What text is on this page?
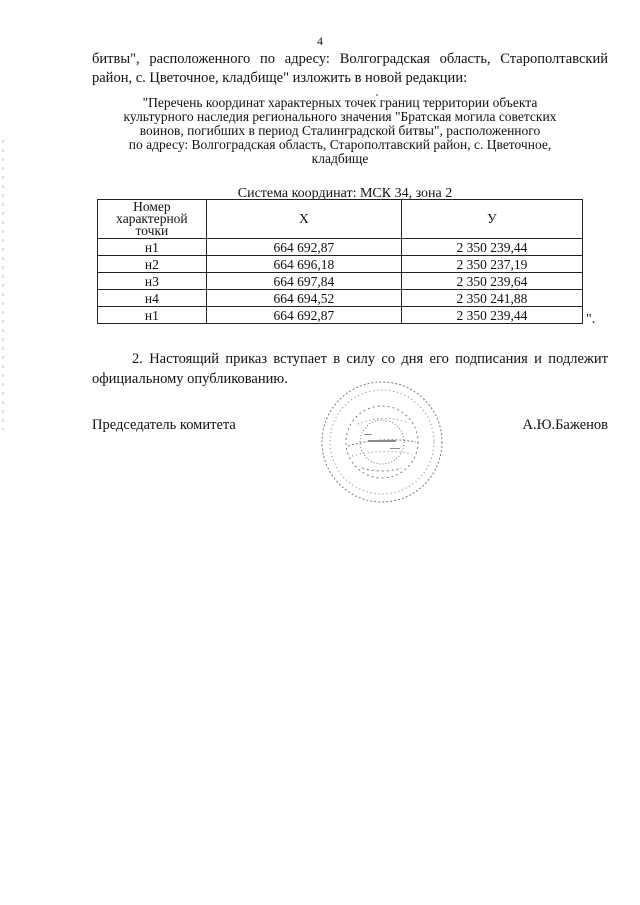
4
битвы", расположенного по адресу: Волгоградская область, Старополтавский
район, с. Цветочное, кладбище" изложить в новой редакции:
"Перечень координат характерных точек границ территории объекта
культурного наследия регионального значения "Братская могила советских
воинов, погибших в период Сталинградской битвы", расположенного
по адресу: Волгоградская область, Старополтавский район, с. Цветочное,
кладбище
Система координат: МСК 34, зона 2
Номер
характерной
точки	X	У
н1	664 692,87	2 350 239,44
н2	664 696,18	2 350 237,19
н3	664 697,84	2 350 239,64
н4	664 694,52	2 350 241,88
н1	664 692,87	2 350 239,44	".
2. Настоящий приказ вступает в силу со дня его подписания и подлежит
официальному опубликованию.
Председатель комитета	А.Ю.Баженов
